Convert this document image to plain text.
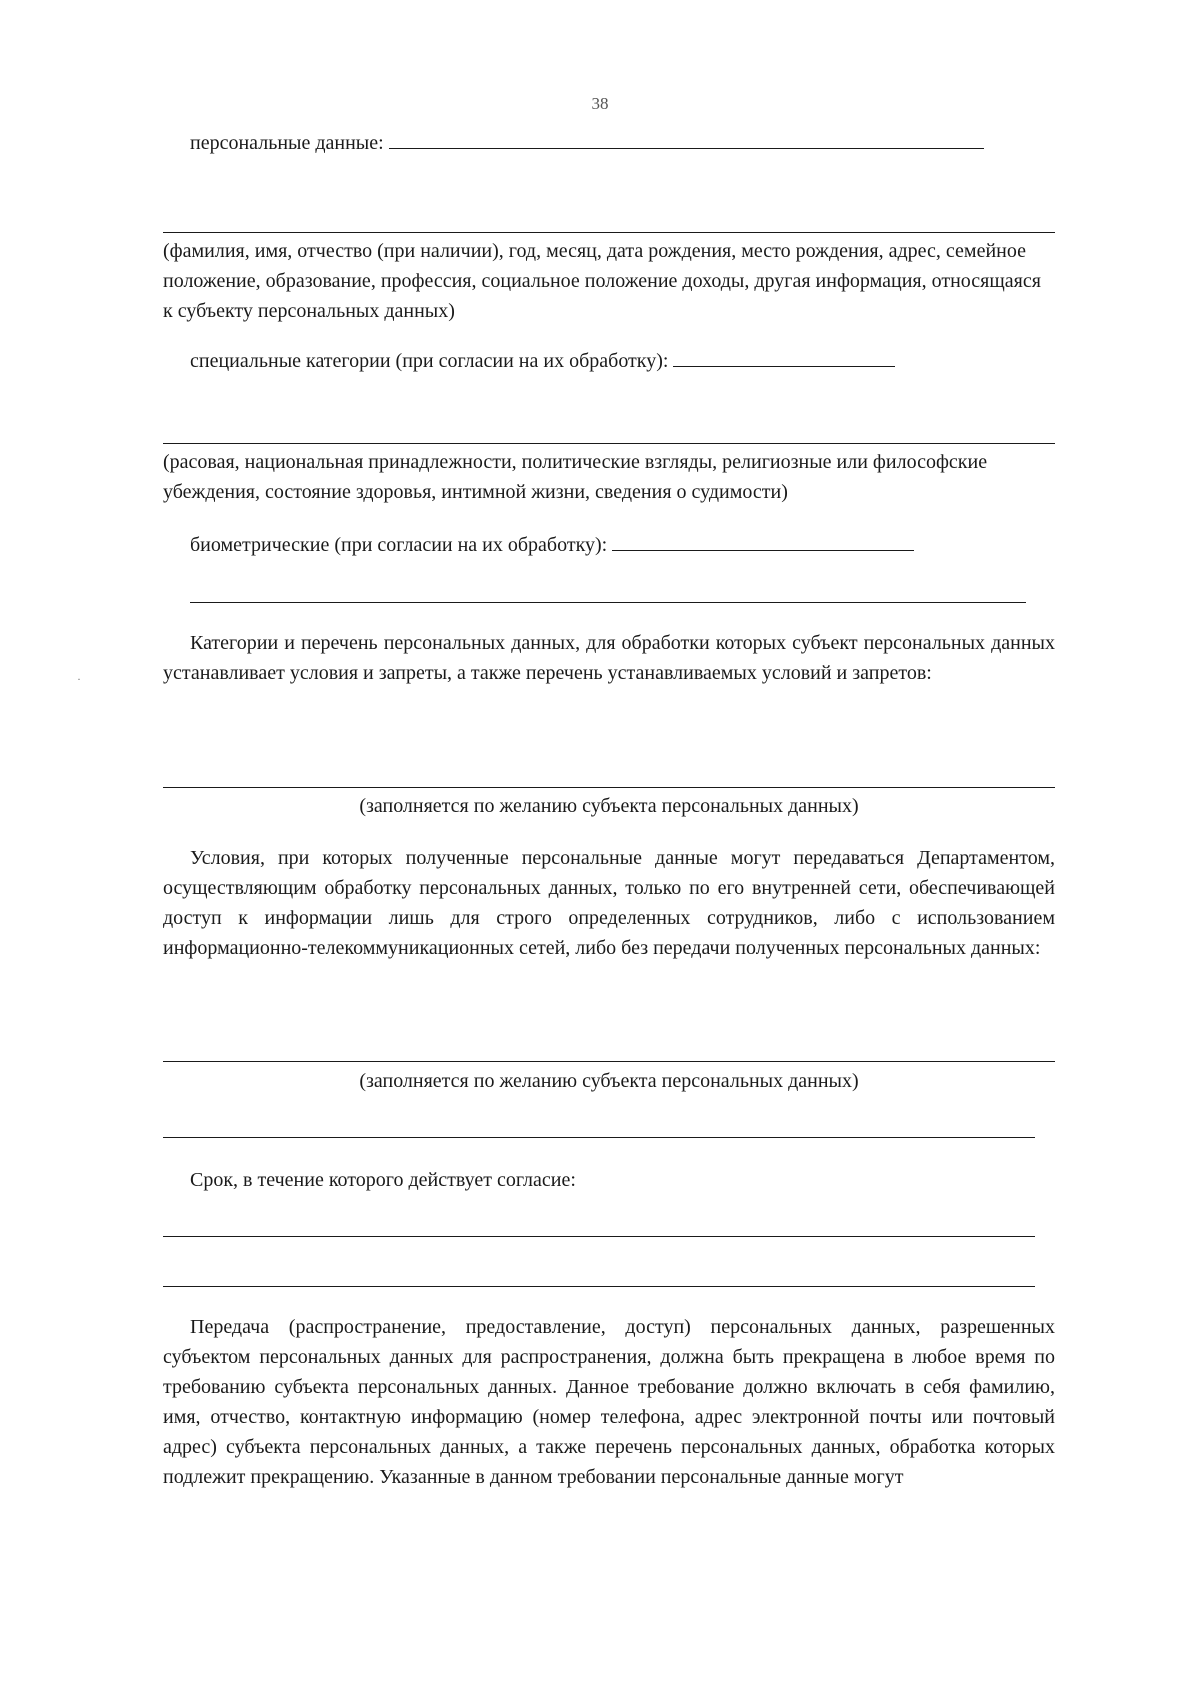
38
персональные данные:

(фамилия, имя, отчество (при наличии), год, месяц, дата рождения, место рождения, адрес, семейное положение, образование, профессия, социальное положение доходы, другая информация, относящаяся к субъекту персональных данных)

специальные категории (при согласии на их обработку):

(расовая, национальная принадлежности, политические взгляды, религиозные или философские убеждения, состояние здоровья, интимной жизни, сведения о судимости)

биометрические (при согласии на их обработку):
·

Категории и перечень персональных данных, для обработки которых субъект персональных данных устанавливает условия и запреты, а также перечень устанавливаемых условий и запретов:

(заполняется по желанию субъекта персональных данных)

Условия, при которых полученные персональные данные могут передаваться Департаментом, осуществляющим обработку персональных данных, только по его внутренней сети, обеспечивающей доступ к информации лишь для строго определенных сотрудников, либо с использованием информационно-телекоммуникационных сетей, либо без передачи полученных персональных данных:

(заполняется по желанию субъекта персональных данных)

Срок, в течение которого действует согласие:

Передача (распространение, предоставление, доступ) персональных данных, разрешенных субъектом персональных данных для распространения, должна быть прекращена в любое время по требованию субъекта персональных данных. Данное требование должно включать в себя фамилию, имя, отчество, контактную информацию (номер телефона, адрес электронной почты или почтовый адрес) субъекта персональных данных, а также перечень персональных данных, обработка которых подлежит прекращению. Указанные в данном требовании персональные данные могут
